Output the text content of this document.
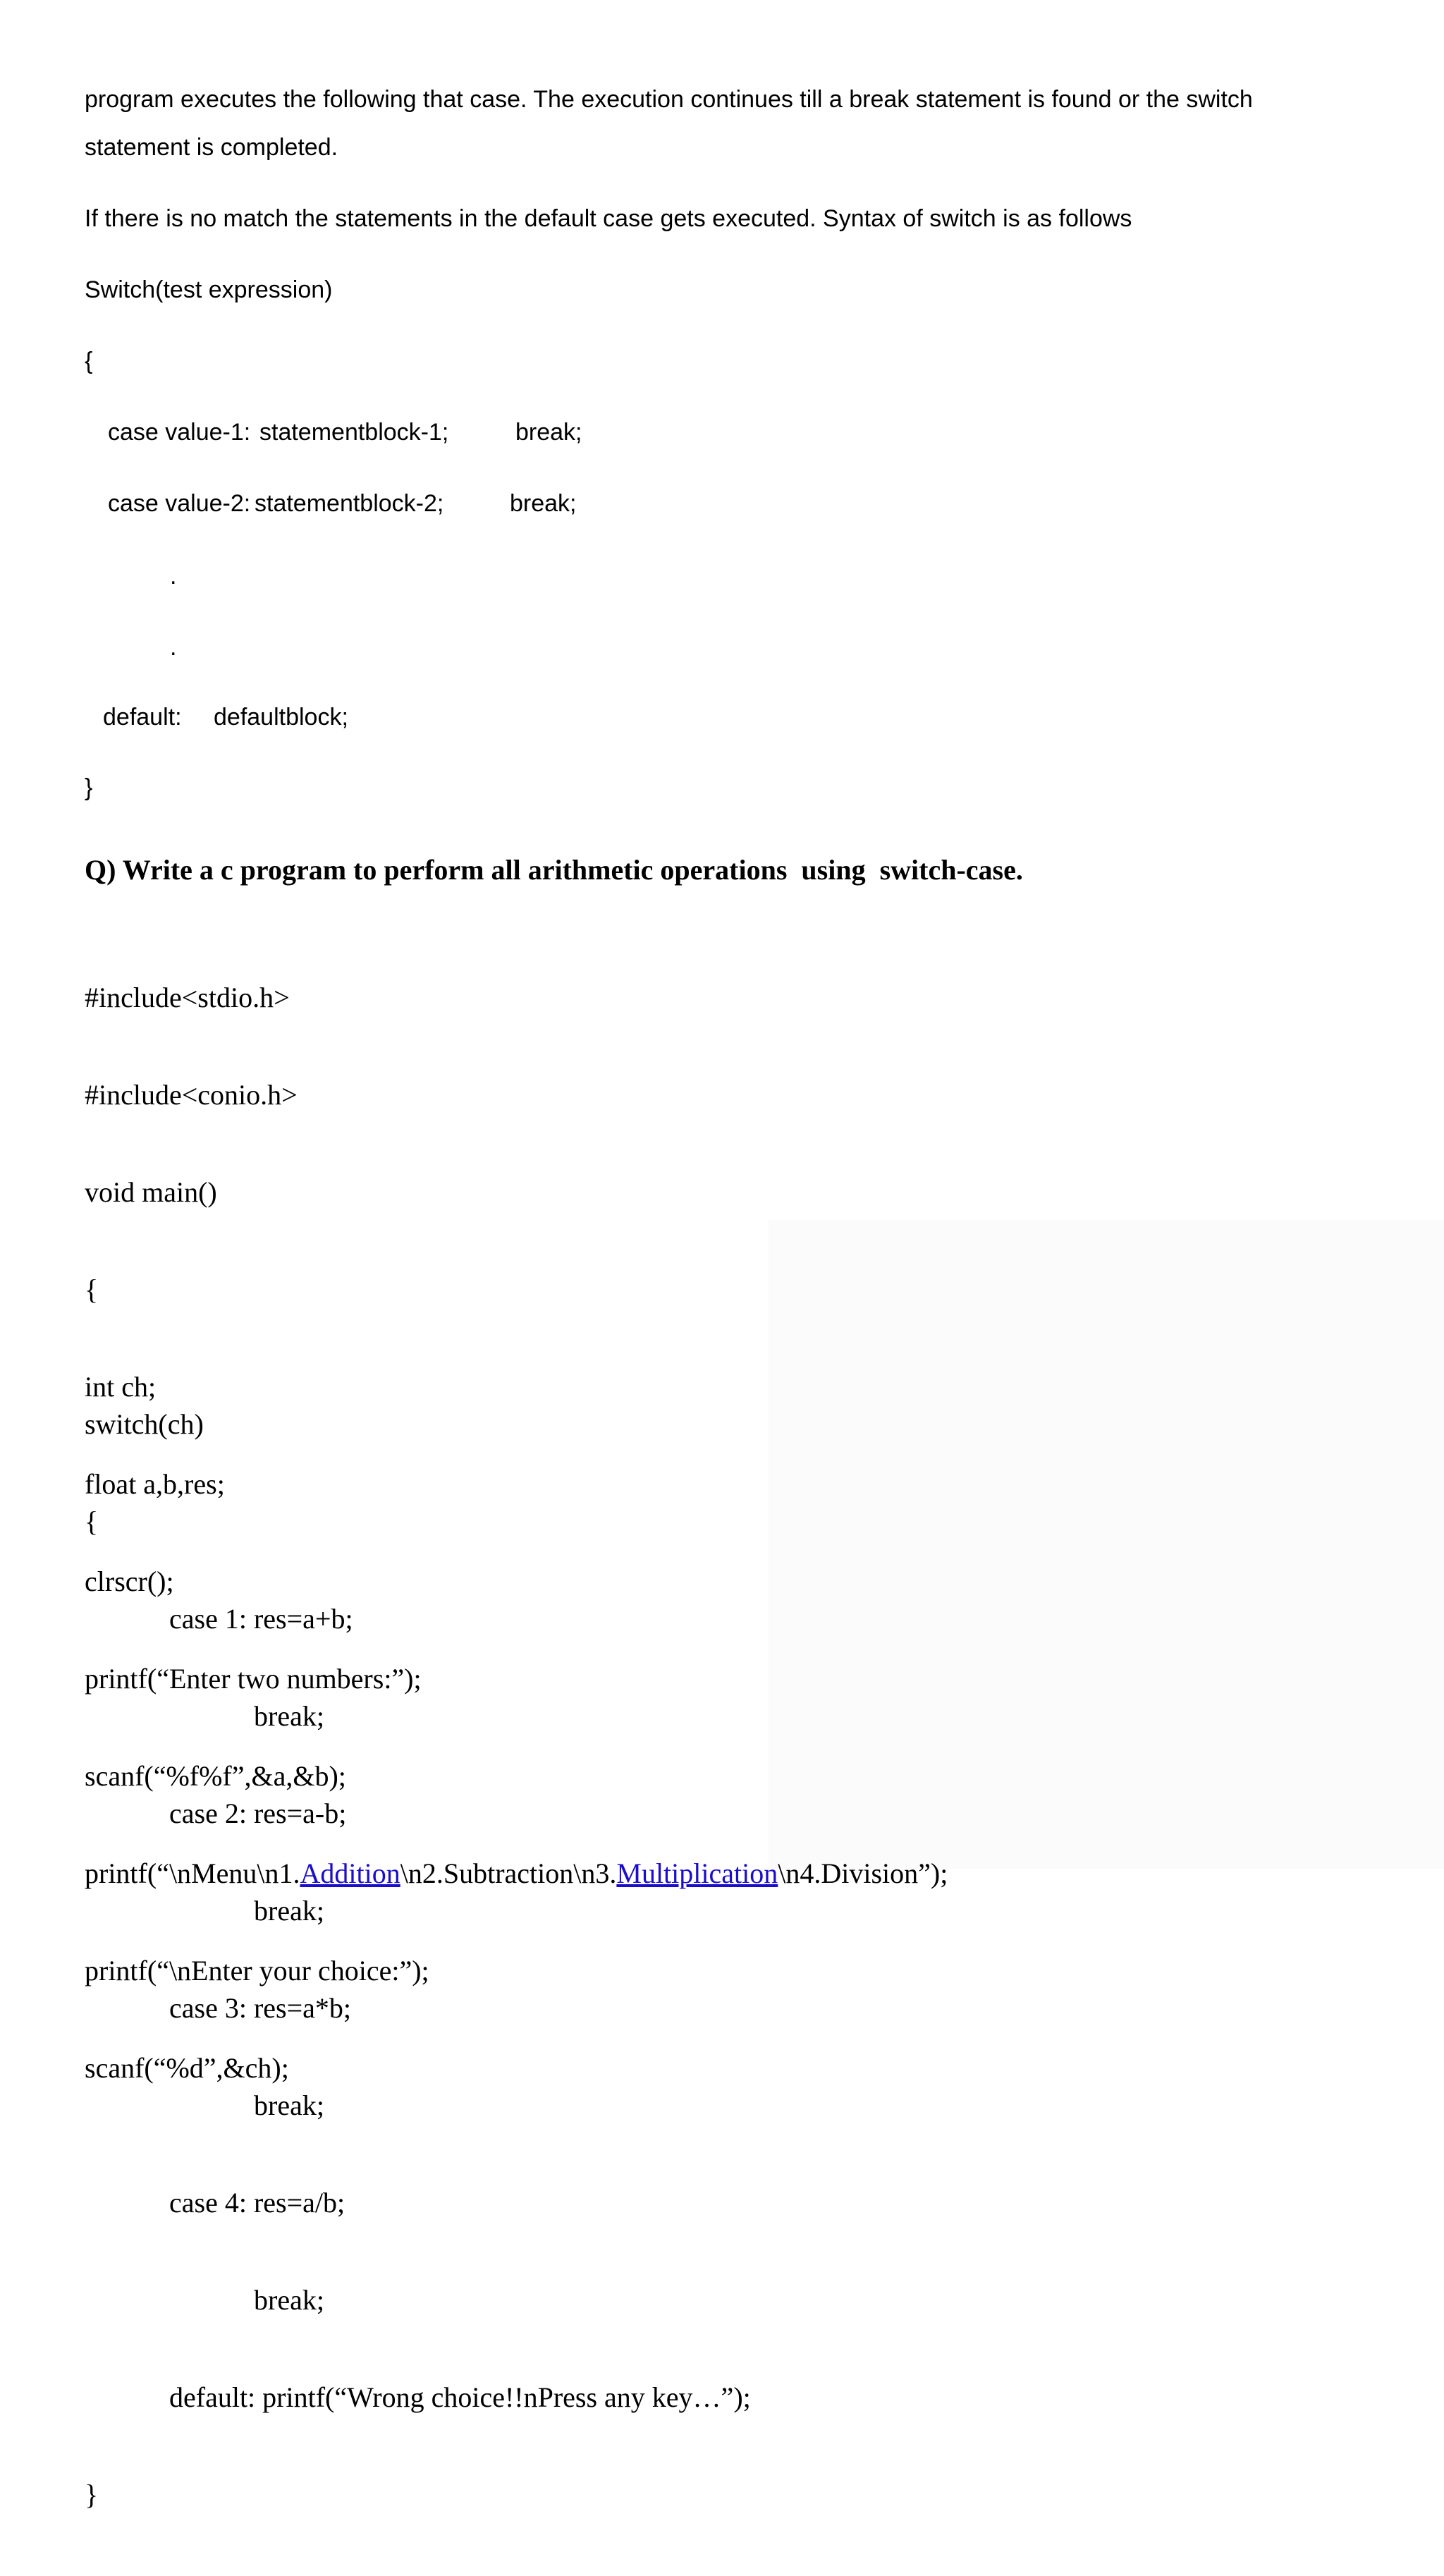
program executes the following that case. The execution continues till a break statement is found or the switch

statement is completed.

If there is no match the statements in the default case gets executed. Syntax of switch is as follows

Switch(test expression)

{

case value-1: statementblock-1;	break;

case value-2: statementblock-2;	break;

.
.

default: defaultblock;

}

Q) Write a c program to perform all arithmetic operations  using  switch-case.

#include<stdio.h>

#include<conio.h>

void main()

{

int ch;

float a,b,res;

clrscr();

printf(“Enter two numbers:”);

scanf(“%f%f”,&a,&b);

printf(“\nMenu\n1.Addition\n2.Subtraction\n3.Multiplication\n4.Division”);

printf(“\nEnter your choice:”);

scanf(“%d”,&ch);

switch(ch)

{

case 1: res=a+b;

break;

case 2: res=a-b;

break;

case 3: res=a*b;

break;

case 4: res=a/b;

break;

default: printf(“Wrong choice!!nPress any key…”);

}
